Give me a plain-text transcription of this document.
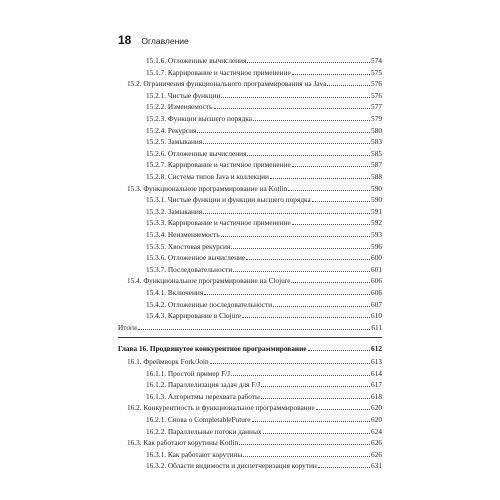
18 Оглавление
15.1.6. Отложенные вычисления	574
15.1.7. Каррирование и частичное применение	575
15.2. Ограничения функционального программирования на Java	576
15.2.1. Чистые функции	576
15.2.2. Изменяемость	577
15.2.3. Функции высшего порядка	579
15.2.4. Рекурсия	580
15.2.5. Замыкания	583
15.2.6. Отложенные вычисления	585
15.2.7. Каррирование и частичное применение	587
15.2.8. Система типов Java и коллекции	588
15.3. Функциональное программирование на Kotlin	590
15.3.1. Чистые функции и функции высшего порядка	590
15.3.2. Замыкания	591
15.3.3. Каррирование и частичное применение	592
15.3.4. Неизменяемость	593
15.3.5. Хвостовая рекурсия	596
15.3.6. Отложенное вычисление	600
15.3.7. Последовательности	601
15.4. Функциональное программирование на Clojure	606
15.4.1. Включения	606
15.4.2. Отложенные последовательности	607
15.4.3. Каррирование в Clojure	610
Итоги	611
Глава 16. Продвинутое конкурентное программирование	612
16.1. Фреймворк Fork/Join	613
16.1.1. Простой пример F/J	614
16.1.2. Параллелизация задач для F/J	617
16.1.3. Алгоритмы перехвата работы	618
16.2. Конкурентность и функциональное программирование	620
16.2.1. Снова о CompletableFuture	620
16.2.2. Параллельные потоки данных	624
16.3. Как работают корутины Kotlin	626
16.3.1. Как работают корутины	626
16.3.2. Области видимости и диспетчеризация корутин	631
